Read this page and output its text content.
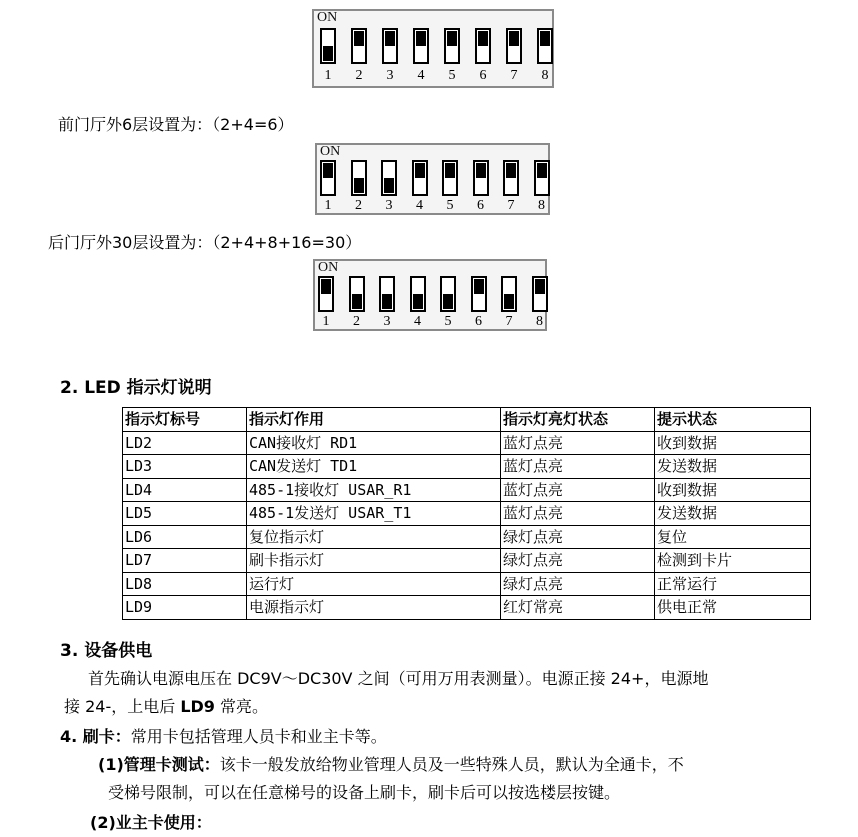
ON
1	2	3	4	5	6	7	8
ON
1	2	3	4	5	6	7	8
ON
1	2	3	4	5	6	7	8
前门厅外6层设置为：（2+4=6）
后门厅外30层设置为：（2+4+8+16=30）
2. LED 指示灯说明
指示灯标号	指示灯作用	指示灯亮灯状态	提示状态
LD2	CAN接收灯 RD1	蓝灯点亮	收到数据
LD3	CAN发送灯 TD1	蓝灯点亮	发送数据
LD4	485-1接收灯 USAR_R1	蓝灯点亮	收到数据
LD5	485-1发送灯 USAR_T1	蓝灯点亮	发送数据
LD6	复位指示灯	绿灯点亮	复位
LD7	刷卡指示灯	绿灯点亮	检测到卡片
LD8	运行灯	绿灯点亮	正常运行
LD9	电源指示灯	红灯常亮	供电正常
3. 设备供电
首先确认电源电压在 DC9V～DC30V 之间（可用万用表测量）。电源正接 24+，电源地
接 24-，上电后 LD9 常亮。
4. 刷卡：常用卡包括管理人员卡和业主卡等。
(1)管理卡测试：该卡一般发放给物业管理人员及一些特殊人员，默认为全通卡，不
受梯号限制，可以在任意梯号的设备上刷卡，刷卡后可以按选楼层按键。
(2)业主卡使用：
